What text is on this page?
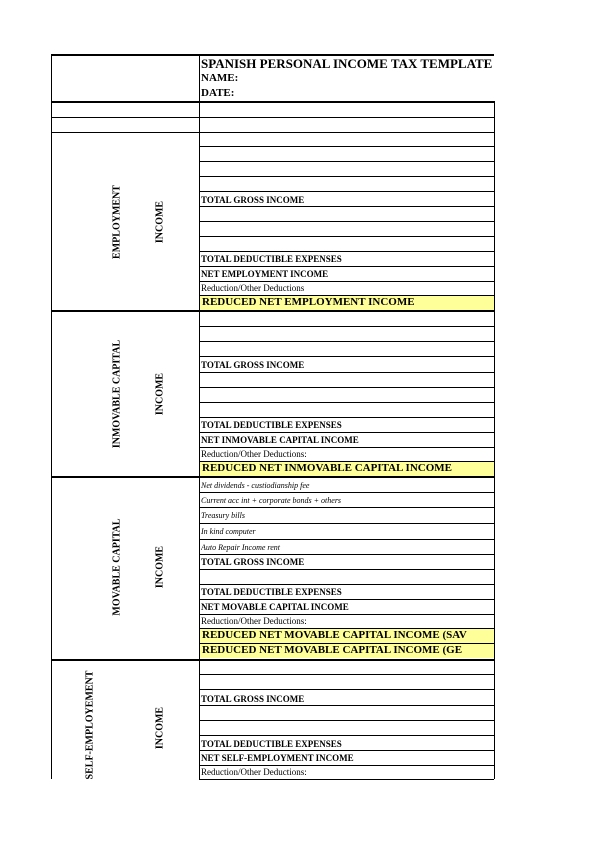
SPANISH PERSONAL INCOME TAX TEMPLATE
NAME:
DATE:
EMPLOYMENT	INCOME
TOTAL GROSS INCOME
TOTAL DEDUCTIBLE EXPENSES
NET EMPLOYMENT INCOME
Reduction/Other Deductions
REDUCED NET EMPLOYMENT INCOME
INMOVABLE CAPITAL	INCOME
TOTAL GROSS INCOME
TOTAL DEDUCTIBLE EXPENSES
NET INMOVABLE CAPITAL INCOME
Reduction/Other Deductions:
REDUCED NET INMOVABLE CAPITAL INCOME
MOVABLE CAPITAL	INCOME
Net dividends - custiodianship fee
Current acc int + corporate bonds + others
Treasury bills
In kind computer
Auto Repair Income rent
TOTAL GROSS INCOME
TOTAL DEDUCTIBLE EXPENSES
NET MOVABLE CAPITAL INCOME
Reduction/Other Deductions:
REDUCED NET MOVABLE CAPITAL INCOME (SAV
REDUCED NET MOVABLE CAPITAL INCOME (GE
SELF-EMPLOYEMENT	INCOME
TOTAL GROSS INCOME
TOTAL DEDUCTIBLE EXPENSES
NET SELF-EMPLOYMENT INCOME
Reduction/Other Deductions:
